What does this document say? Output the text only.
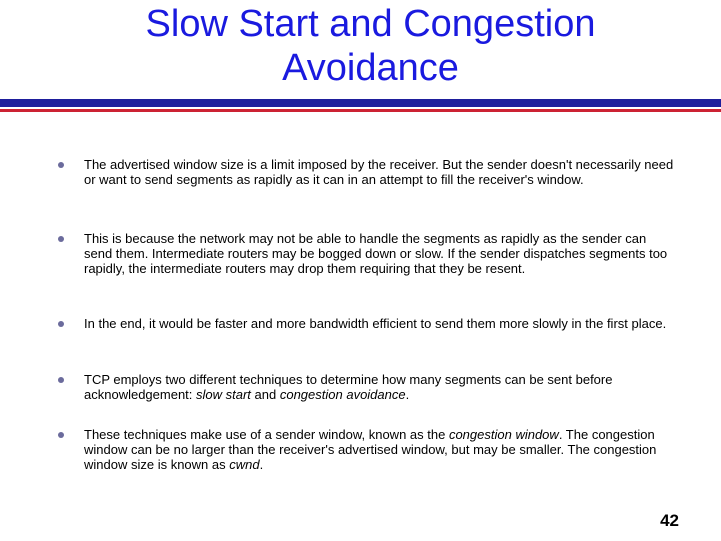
Slow Start and Congestion
Avoidance
The advertised window size is a limit imposed by the receiver. But the sender doesn't necessarily need or want to send segments as rapidly as it can in an attempt to fill the receiver's window.
This is because the network may not be able to handle the segments as rapidly as the sender can send them. Intermediate routers may be bogged down or slow. If the sender dispatches segments too rapidly, the intermediate routers may drop them requiring that they be resent.
In the end, it would be faster and more bandwidth efficient to send them more slowly in the first place.
TCP employs two different techniques to determine how many segments can be sent before acknowledgement: slow start and congestion avoidance.
These techniques make use of a sender window, known as the congestion window. The congestion window can be no larger than the receiver's advertised window, but may be smaller. The congestion window size is known as cwnd.
42
